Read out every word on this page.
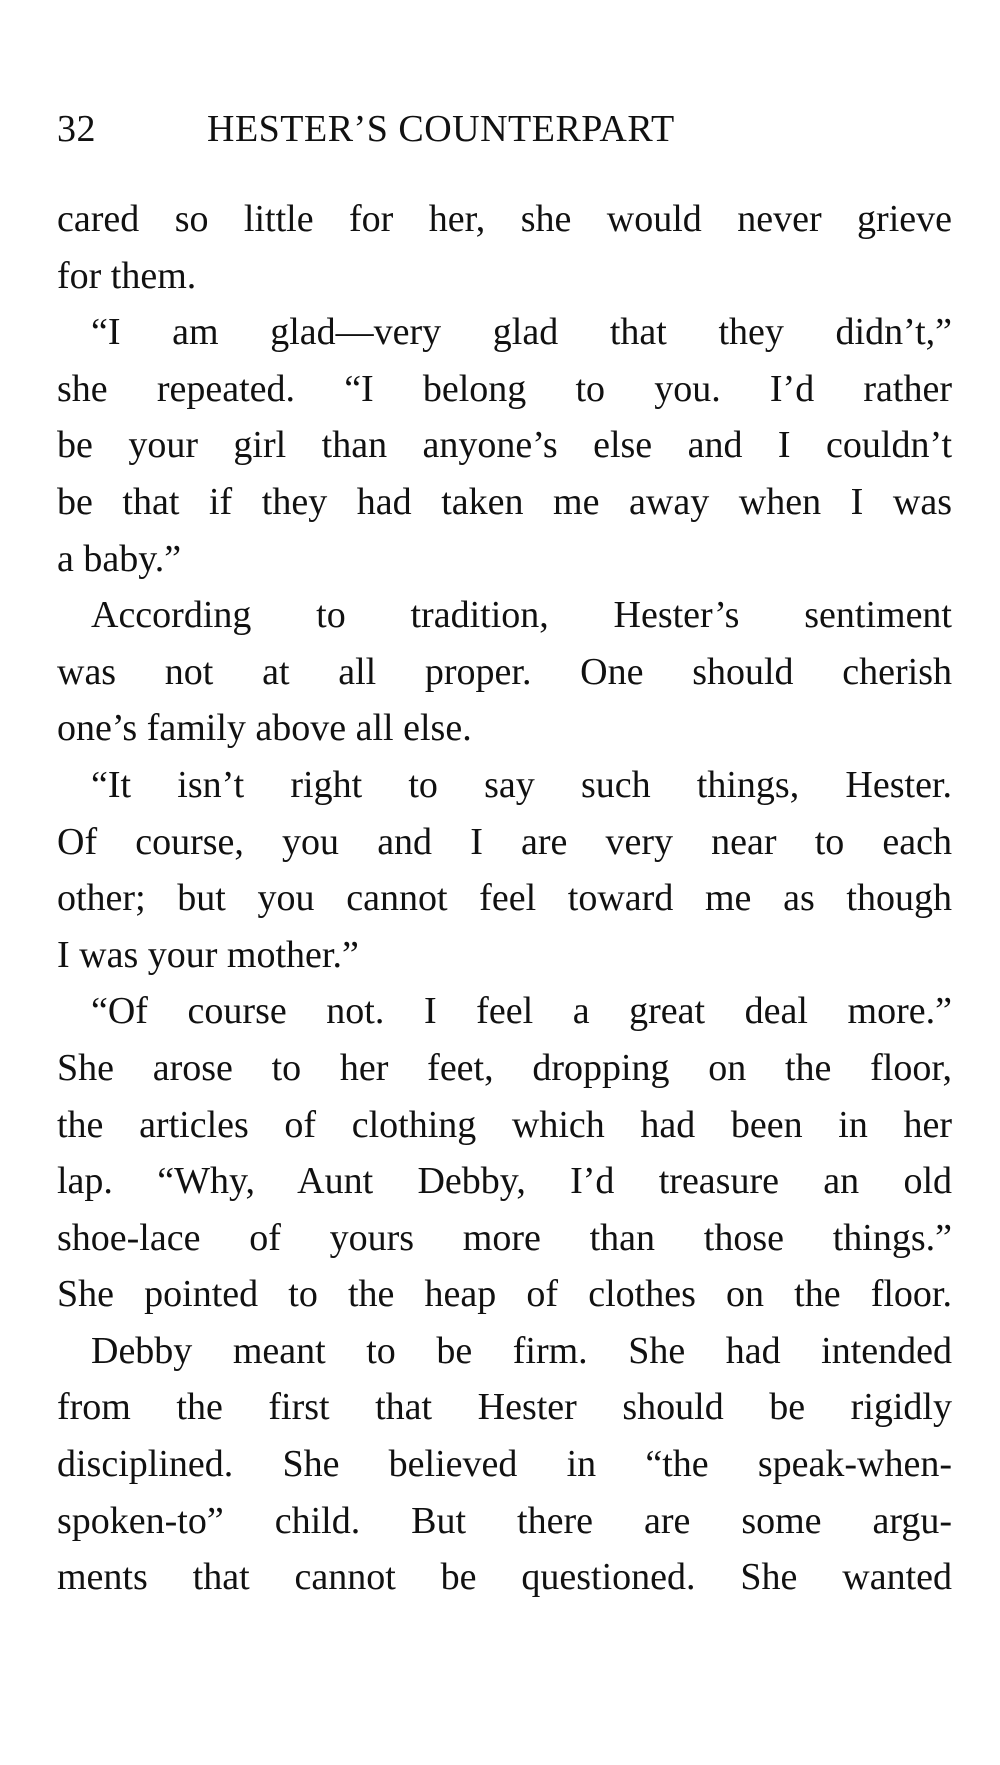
32	HESTER’S COUNTERPART
cared so little for her, she would never grieve
for them.
“I am glad—very glad that they didn’t,”
she repeated. “I belong to you. I’d rather
be your girl than anyone’s else and I couldn’t
be that if they had taken me away when I was
a baby.”
According to tradition, Hester’s sentiment
was not at all proper. One should cherish
one’s family above all else.
“It isn’t right to say such things, Hester.
Of course, you and I are very near to each
other; but you cannot feel toward me as though
I was your mother.”
“Of course not. I feel a great deal more.”
She arose to her feet, dropping on the floor,
the articles of clothing which had been in her
lap. “Why, Aunt Debby, I’d treasure an old
shoe-lace of yours more than those things.”
She pointed to the heap of clothes on the floor.
Debby meant to be firm. She had intended
from the first that Hester should be rigidly
disciplined. She believed in “the speak-when-
spoken-to” child. But there are some argu-
ments that cannot be questioned. She wanted
